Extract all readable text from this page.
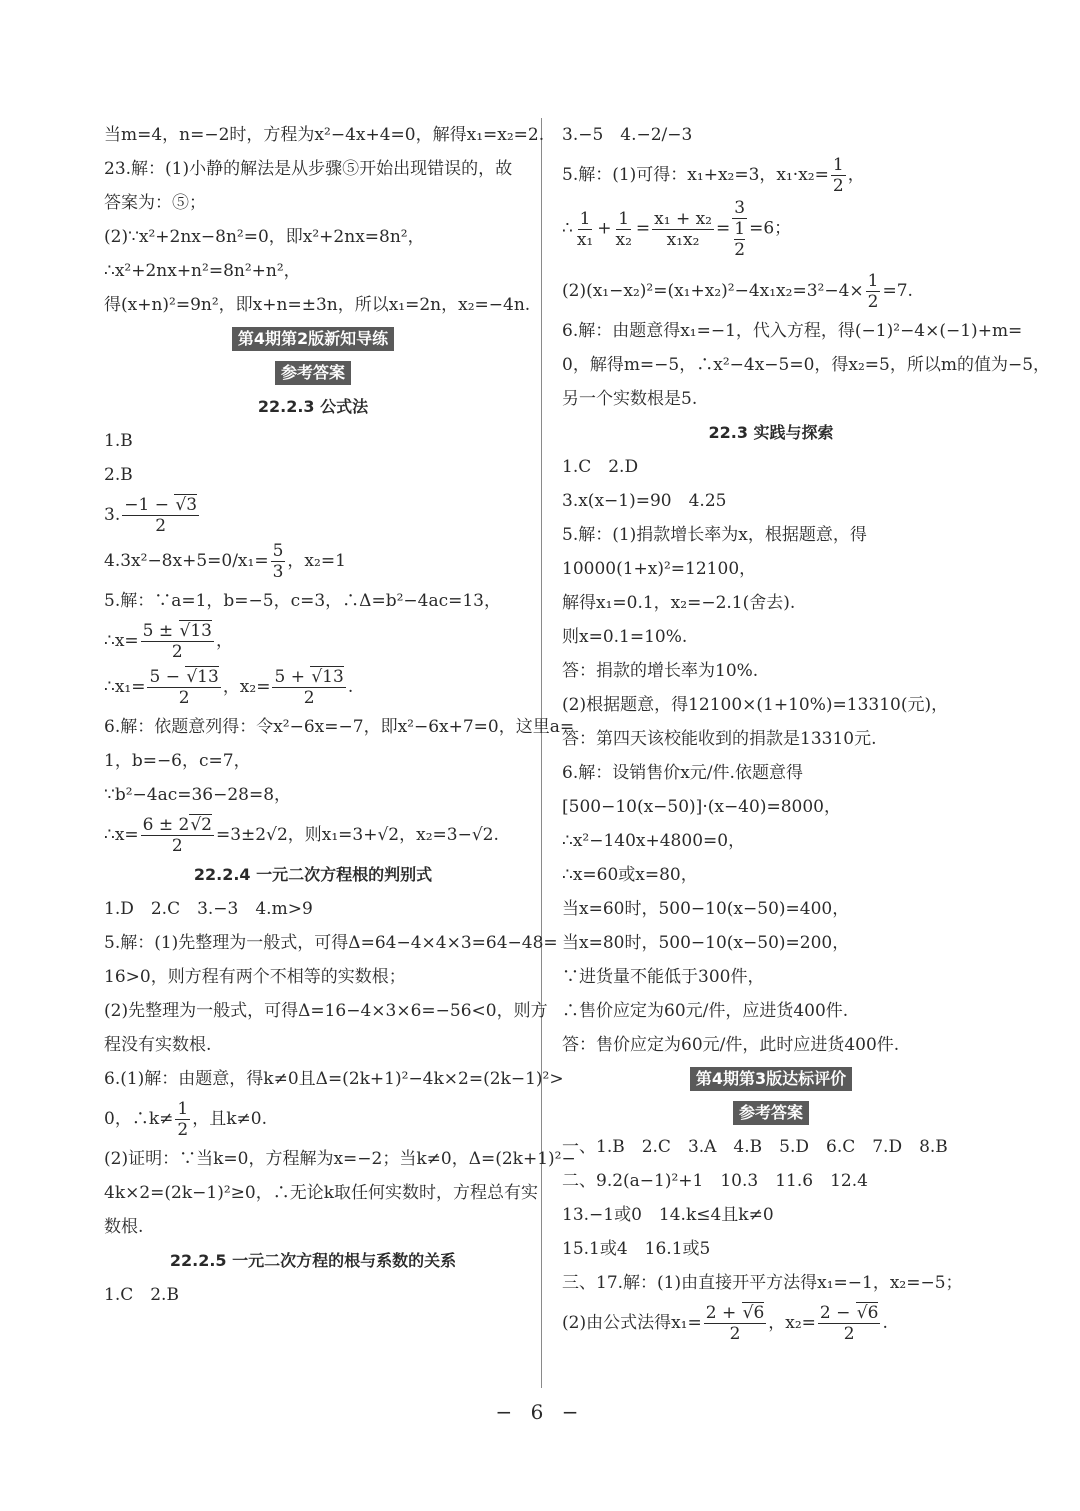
当m=4，n=−2时，方程为x²−4x+4=0，解得x₁=x₂=2.
23.解：(1)小静的解法是从步骤⑤开始出现错误的，故
答案为：⑤；
(2)∵x²+2nx−8n²=0，即x²+2nx=8n²，
∴x²+2nx+n²=8n²+n²，
得(x+n)²=9n²，即x+n=±3n，所以x₁=2n，x₂=−4n.
第4期第2版新知导练
参考答案
22.2.3 公式法
1.B
2.B
3. $\frac{-1 - √3}{2}$
$4.3x^2-8x+5=0/x_1= \frac{5}{3}$ ，x₂=1
5.解：∵a=1，b=−5，c=3，∴Δ=b²−4ac=13，
∴x= $\frac{5 \pm √13}{2}$ ，
∴x₁= $\frac{5 - √13}{2}$ ，$x_2= \frac{5 + √13}{2}$ .
6.解：依题意列得：令x²−6x=−7，即x²−6x+7=0，这里a=
1，b=−6，c=7，
∵b²−4ac=36−28=8，
∴x= $\frac{6 \pm 2√2}{2} =3\pm 2√2$，则x₁=3+√2，x₂=3−√2.
22.2.4 一元二次方程根的判别式
1.D　2.C　3.−3　4.m>9
5.解：(1)先整理为一般式，可得Δ=64−4×4×3=64−48=
16>0，则方程有两个不相等的实数根；
(2)先整理为一般式，可得Δ=16−4×3×6=−56<0，则方
程没有实数根.
6.(1)解：由题意，得k≠0且Δ=(2k+1)²−4k×2=(2k−1)²>
0，∴k≠ $\frac{1}{2}$ ，且k≠0.
(2)证明：∵当k=0，方程解为x=−2；当k≠0，Δ=(2k+1)²−
4k×2=(2k−1)²≥0，∴无论k取任何实数时，方程总有实
数根.
22.2.5 一元二次方程的根与系数的关系
1.C　2.B
3.−5　4.−2/−3
5.解：(1)可得：x₁+x₂=3，$x_1\cdot x_2= \frac{1}{2}$ ，
∴ $\frac{1}{\text{x₁}} + \frac{1}{\text{x₂}} = \frac{\text{x₁ + x₂}}{\text{x₁x₂}} = \frac{3}{\frac{1}{2}} =6$；
$(2)(x_1-x_2)^2=(x_1+x_2)^2-4x_1x_2=3^2-4\times \frac{1}{2} =7$.
6.解：由题意得x₁=−1，代入方程，得(−1)²−4×(−1)+m=
0，解得m=−5，∴x²−4x−5=0，得x₂=5，所以m的值为−5，
另一个实数根是5.
22.3 实践与探索
1.C　2.D
3.x(x−1)=90　4.25
5.解：(1)捐款增长率为x，根据题意，得
10000(1+x)²=12100，
解得x₁=0.1，x₂=−2.1(舍去).
则x=0.1=10%.
答：捐款的增长率为10%.
(2)根据题意，得12100×(1+10%)=13310(元)，
答：第四天该校能收到的捐款是13310元.
6.解：设销售价x元/件.依题意得
[500−10(x−50)]·(x−40)=8000，
∴x²−140x+4800=0，
∴x=60或x=80，
当x=60时，500−10(x−50)=400，
当x=80时，500−10(x−50)=200，
∵进货量不能低于300件，
∴售价应定为60元/件，应进货400件.
答：售价应定为60元/件，此时应进货400件.
第4期第3版达标评价
参考答案
一、1.B　2.C　3.A　4.B　5.D　6.C　7.D　8.B
二、9.2(a−1)²+1　10.3　11.6　12.4
13.−1或0　14.k≤4且k≠0
15.1或4　16.1或5
三、17.解：(1)由直接开平方法得x₁=−1，x₂=−5；
(2)由公式法得$x_1= \frac{2 + √6}{2}$ ，$x_2= \frac{2 - √6}{2}$ .
− 6 −
